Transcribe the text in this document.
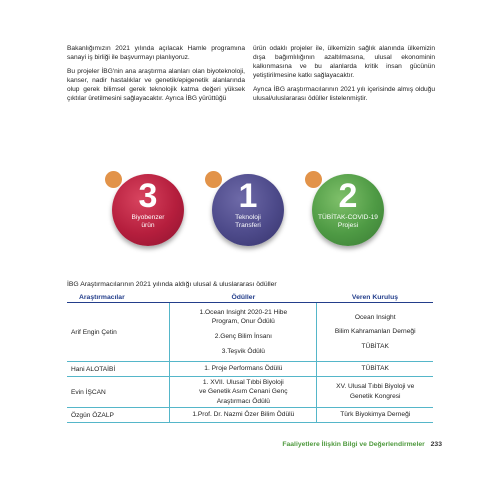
Bakanlığımızın 2021 yılında açılacak Hamle programına sanayi iş birliği ile başvurmayı planlıyoruz.

Bu projeler İBG'nin ana araştırma alanları olan biyoteknoloji, kanser, nadir hastalıklar ve genetik/epigenetik alanlarında olup gerek bilimsel gerek teknolojik katma değeri yüksek çıktılar üretilmesini sağlayacaktır. Ayrıca İBG yürüttüğü

ürün odaklı projeler ile, ülkemizin sağlık alanında ülkemizin dışa bağımlılığının azaltılmasına, ulusal ekonominin kalkınmasına ve bu alanlarda kritik insan gücünün yetiştirilmesine katkı sağlayacaktır.

Ayrıca İBG araştırmacılarının 2021 yılı içerisinde almış olduğu ulusal/uluslararası ödüller listelenmiştir.

3
Biyobenzer
ürün
1
Teknoloji
Transferi
2
TÜBİTAK-COVID-19
Projesi
İBG Araştırmacılarının 2021 yılında aldığı ulusal & uluslararası ödüller
Araştırmacılar	Ödüller	Veren Kuruluş
Arif Engin Çetin	1.Ocean Insight 2020-21 Hibe
Program, Onur Ödülü
2.Genç Bilim İnsanı
3.Teşvik Ödülü	Ocean Insight
Bilim Kahramanları Derneği
TÜBİTAK

Hani ALOTAİBİ	1. Proje Performans Ödülü	TÜBİTAK
Evin İŞCAN	1. XVII. Ulusal Tıbbi Biyoloji
ve Genetik Asım Cenani Genç
Araştırmacı Ödülü	XV. Ulusal Tıbbi Biyoloji ve
Genetik Kongresi

Özgün ÖZALP	1.Prof. Dr. Nazmi Özer Bilim Ödülü	Türk Biyokimya Derneği
Faaliyetlere İlişkin Bilgi ve Değerlendirmeler 233
